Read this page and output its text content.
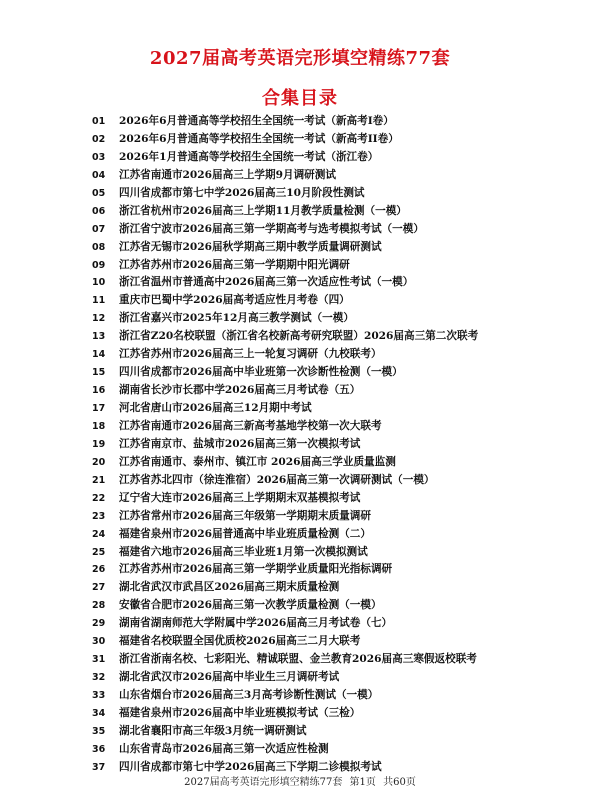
2027届高考英语完形填空精练77套
合集目录
01	2026年6月普通高等学校招生全国统一考试（新高考I卷）
02	2026年6月普通高等学校招生全国统一考试（新高考II卷）
03	2026年1月普通高等学校招生全国统一考试（浙江卷）
04	江苏省南通市2026届高三上学期9月调研测试
05	四川省成都市第七中学2026届高三10月阶段性测试
06	浙江省杭州市2026届高三上学期11月教学质量检测（一模）
07	浙江省宁波市2026届高三第一学期高考与选考模拟考试（一模）
08	江苏省无锡市2026届秋学期高三期中教学质量调研测试
09	江苏省苏州市2026届高三第一学期期中阳光调研
10	浙江省温州市普通高中2026届高三第一次适应性考试（一模）
11	重庆市巴蜀中学2026届高考适应性月考卷（四）
12	浙江省嘉兴市2025年12月高三教学测试（一模）
13	浙江省Z20名校联盟（浙江省名校新高考研究联盟）2026届高三第二次联考
14	江苏省苏州市2026届高三上一轮复习调研（九校联考）
15	四川省成都市2026届高中毕业班第一次诊断性检测（一模）
16	湖南省长沙市长郡中学2026届高三月考试卷（五）
17	河北省唐山市2026届高三12月期中考试
18	江苏省南通市2026届高三新高考基地学校第一次大联考
19	江苏省南京市、盐城市2026届高三第一次模拟考试
20	江苏省南通市、泰州市、镇江市 2026届高三学业质量监测
21	江苏省苏北四市（徐连淮宿）2026届高三第一次调研测试（一模）
22	辽宁省大连市2026届高三上学期期末双基模拟考试
23	江苏省常州市2026届高三年级第一学期期末质量调研
24	福建省泉州市2026届普通高中毕业班质量检测（二）
25	福建省六地市2026届高三毕业班1月第一次模拟测试
26	江苏省苏州市2026届高三第一学期学业质量阳光指标调研
27	湖北省武汉市武昌区2026届高三期末质量检测
28	安徽省合肥市2026届高三第一次教学质量检测（一模）
29	湖南省湖南师范大学附属中学2026届高三月考试卷（七）
30	福建省名校联盟全国优质校2026届高三二月大联考
31	浙江省浙南名校、七彩阳光、精诚联盟、金兰教育2026届高三寒假返校联考
32	湖北省武汉市2026届高中毕业生三月调研考试
33	山东省烟台市2026届高三3月高考诊断性测试（一模）
34	福建省泉州市2026届高中毕业班模拟考试（三检）
35	湖北省襄阳市高三年级3月统一调研测试
36	山东省青岛市2026届高三第一次适应性检测
37	四川省成都市第七中学2026届高三下学期二诊模拟考试
2027届高考英语完形填空精练77套 第1页 共60页
